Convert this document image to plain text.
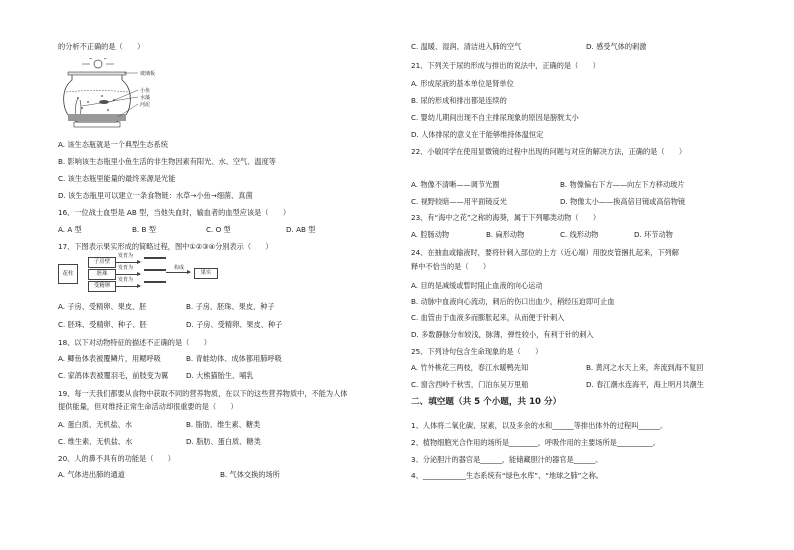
的分析不正确的是（　　）
玻璃板
小鱼
水藻
河泥
A. 该生态瓶就是一个典型生态系统
B. 影响该生态瓶里小鱼生活的非生物因素有阳光、水、空气、温度等
C. 该生态瓶里能量的最终来源是光能
D. 该生态瓶里可以建立一条食物链：水草→小鱼→细菌、真菌
16、一位战士血型是 AB 型，当他失血时，输血者的血型应该是（　　）
A. A 型	B. B 型	C. O 型	D. AB 型
17、下图表示果实形成的简略过程，图中①②③④分别表示（　　）
花柱
子房壁
胚珠
受精卵
发育为
发育为
发育为
构成
果实
A. 子房、受精卵、果皮、胚	B. 子房、胚珠、果皮、种子
C. 胚珠、受精卵、种子、胚	D. 子房、受精卵、果皮、种子
18、以下对动物特征的描述不正确的是（　　）
A. 鲫鱼体表被覆鳞片，用鳃呼吸	B. 青蛙幼体、成体都用肺呼吸
C. 家鸽体表被覆羽毛，前肢变为翼 D. 大熊猫胎生、哺乳
19、每一天我们都要从食物中获取不同的营养物质，在以下的这些营养物质中，不能为人体
提供能量，但对维持正常生命活动却很重要的是（　　）
A. 蛋白质、无机盐、水	B. 脂肪、维生素、糖类
C. 维生素、无机盐、水	D. 脂肪、蛋白质、糖类
20、人的鼻不具有的功能是（　　）
A. 气体进出肺的通道	B. 气体交换的场所
C. 温暖、湿润、清洁进入肺的空气	D. 感受气体的刺激
21、下列关于尿的形成与排出的说法中，正确的是（　　）
A. 形成尿液的基本单位是肾单位
B. 尿的形成和排出都是连续的
C. 婴幼儿期间出现不自主排尿现象的原因是膀胱太小
D. 人体排尿的意义在于能够维持体温恒定
22、小敏同学在使用显微镜的过程中出现的问题与对应的解决方法，正确的是（　　）
A. 物像不清晰——调节光圈	B. 物像偏右下方——向左下方移动玻片
C. 视野较暗——用平面镜反光	D. 物像太小——换高倍目镜或高倍物镜
23、有“海中之花”之称的海葵，属于下列哪类动物（　　）
A. 腔肠动物	B. 扁形动物	C. 线形动物	D. 环节动物
24、在抽血或输液时，要将针刺入部位的上方（近心端）用胶皮管捆扎起来，下列解
释中不恰当的是（　　）
A. 目的是减缓或暂时阻止血液的向心运动
B. 动脉中血液向心流动，刺后的伤口出血少，稍经压迫即可止血
C. 血管由于血液多而膨胀起来，从而便于针刺入
D. 多数静脉分布较浅，脉薄，弹性较小，有利于针的刺入
25、下列诗句包含生命现象的是（　　）
A. 竹外桃花三两枝，春江水暖鸭先知	B. 黄河之水天上来，奔流到海不复回
C. 窗含西岭千秋雪，门泊东吴万里船	D. 春江潮水连海平，海上明月共潮生
二、填空题（共 5 个小题，共 10 分）
1、人体将二氧化碳、尿素，以及多余的水和______等排出体外的过程叫______。
2、植物细胞光合作用的场所是________，呼吸作用的主要场所是__________。
3、分泌胆汁的器官是______，能储藏胆汁的器官是______。
4、____________生态系统有“绿色水库”、“地球之肺”之称。
